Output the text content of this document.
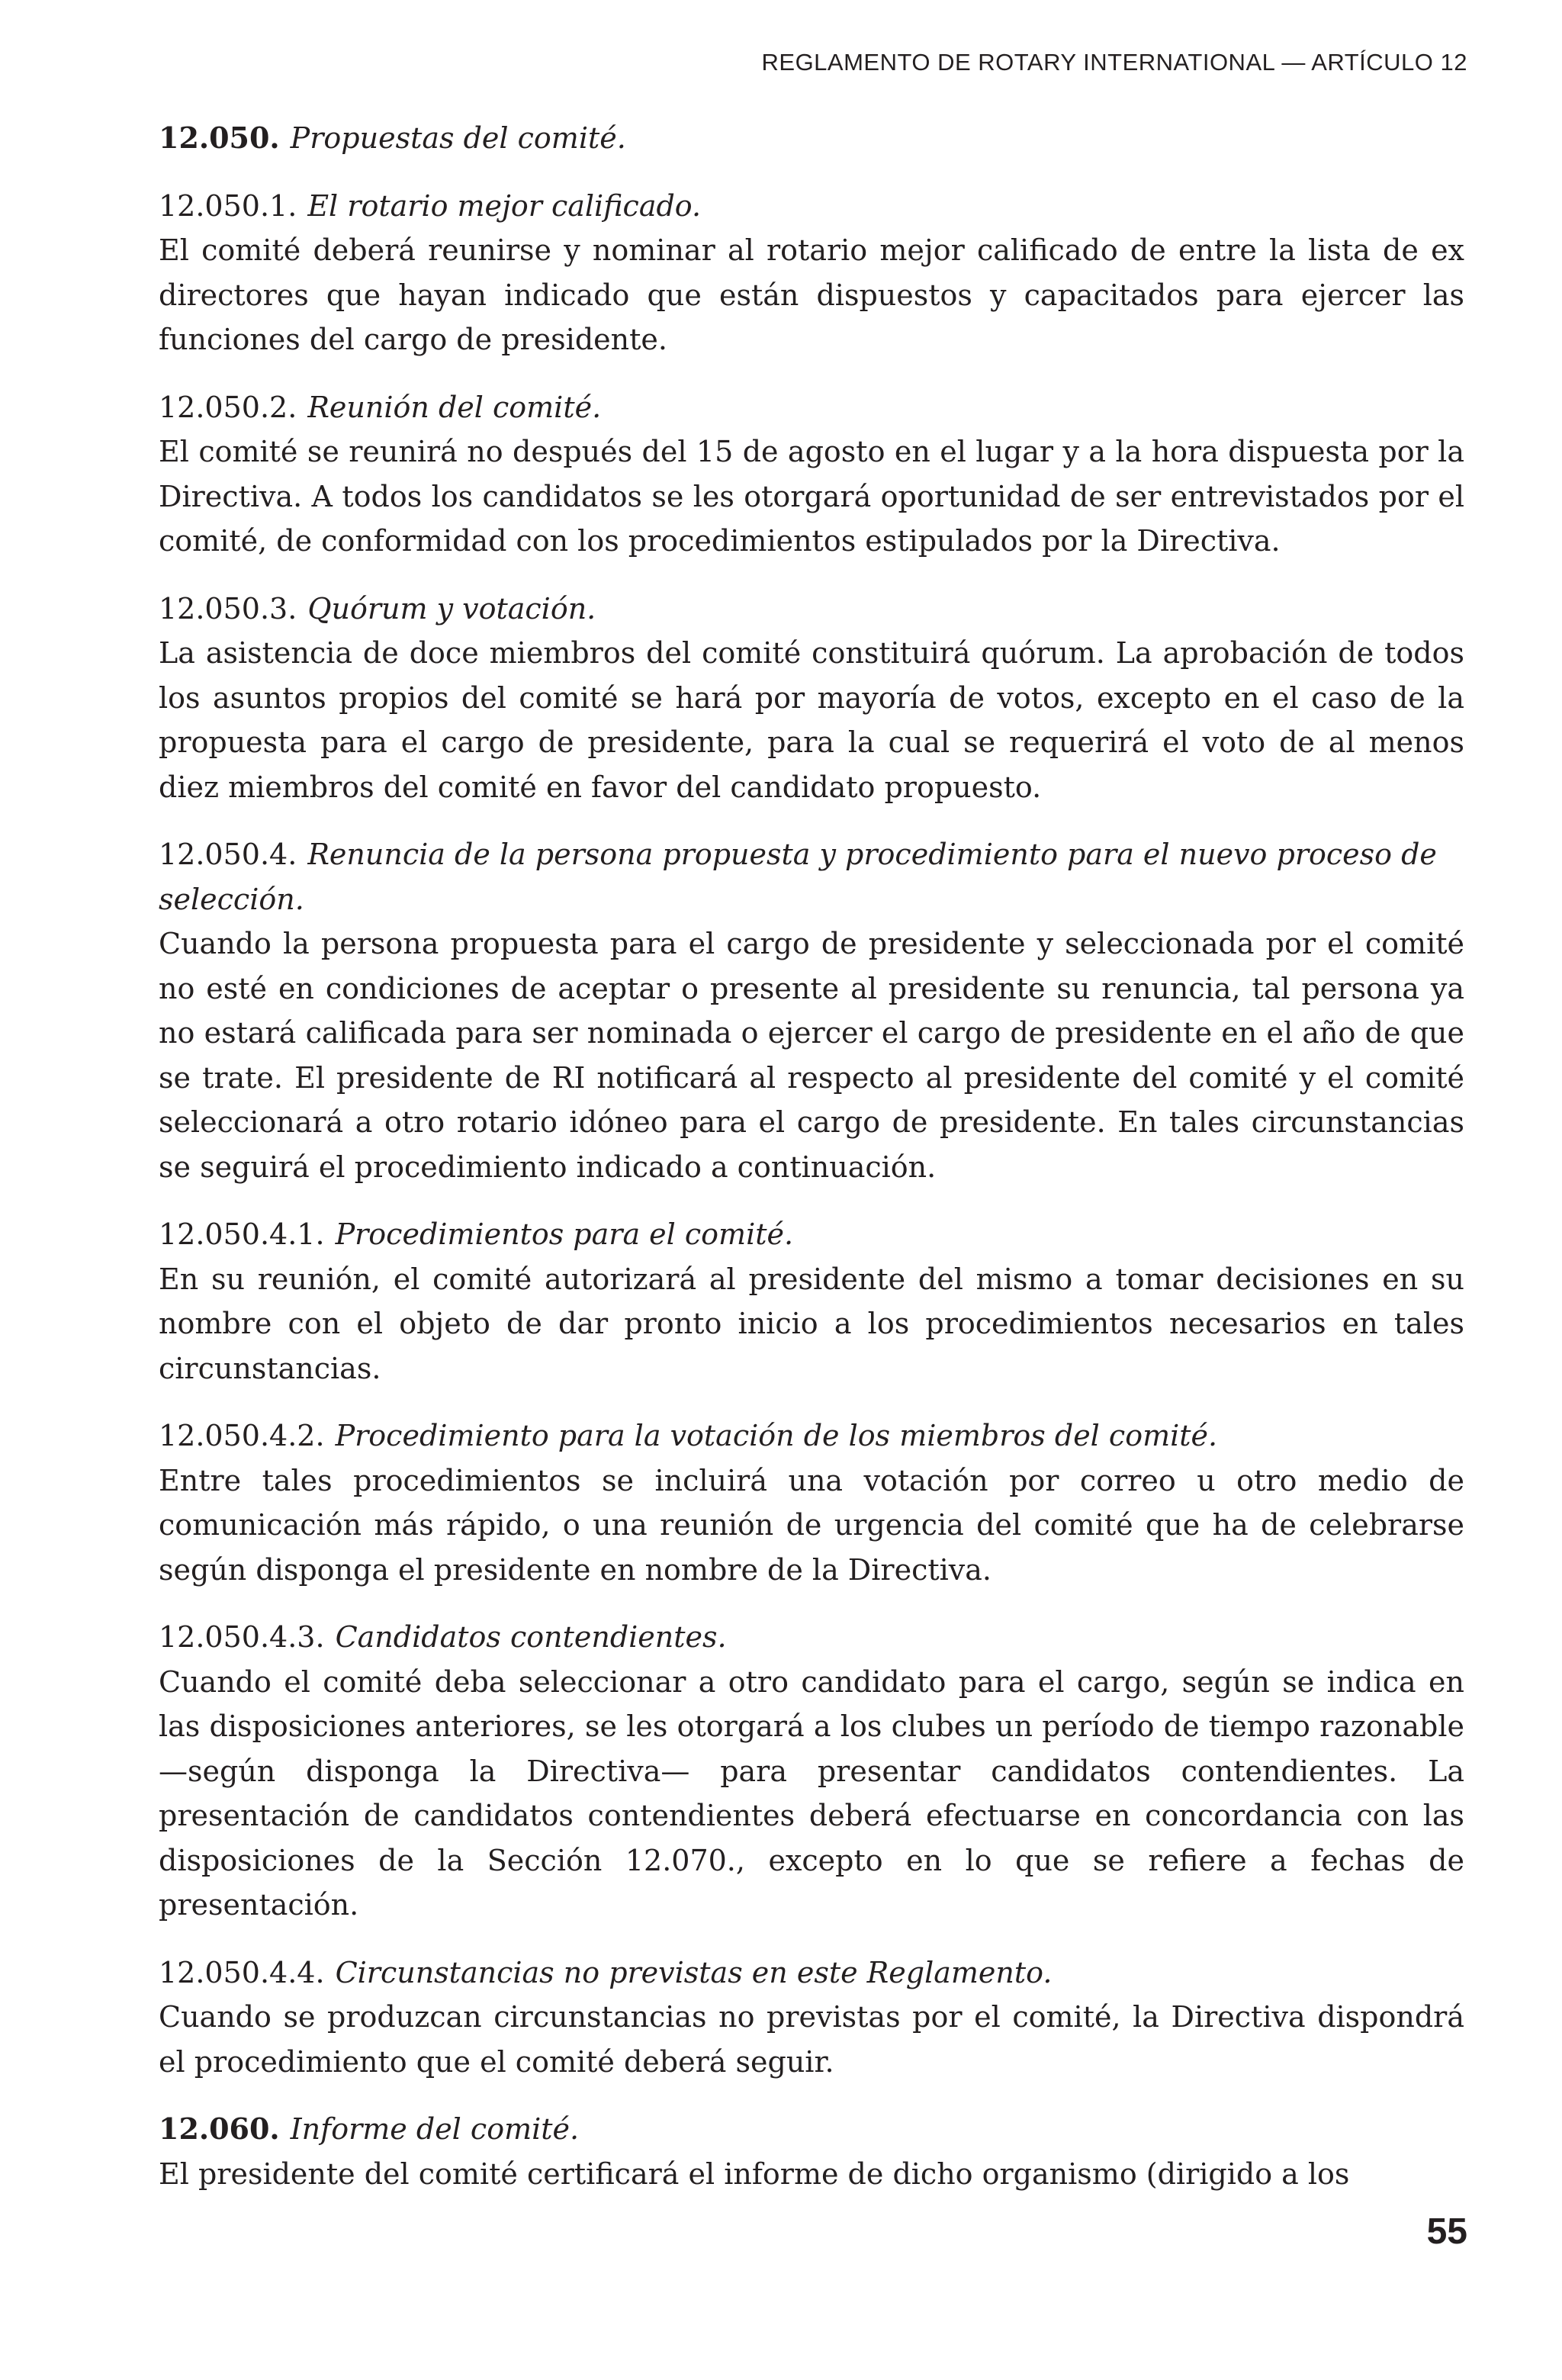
REGLAMENTO DE ROTARY INTERNATIONAL — ARTÍCULO 12

12.050. Propuestas del comité.

12.050.1. El rotario mejor calificado.

El comité deberá reunirse y nominar al rotario mejor calificado de entre la lista de ex directores que hayan indicado que están dispuestos y capacitados para ejercer las funciones del cargo de presidente.

12.050.2. Reunión del comité.

El comité se reunirá no después del 15 de agosto en el lugar y a la hora dispuesta por la Directiva. A todos los candidatos se les otorgará oportunidad de ser entrevistados por el comité, de conformidad con los procedimientos estipulados por la Directiva.

12.050.3. Quórum y votación.

La asistencia de doce miembros del comité constituirá quórum. La aprobación de todos los asuntos propios del comité se hará por mayoría de votos, excepto en el caso de la propuesta para el cargo de presidente, para la cual se requerirá el voto de al menos diez miembros del comité en favor del candidato propuesto.

12.050.4. Renuncia de la persona propuesta y procedimiento para el nuevo proceso de selección.

Cuando la persona propuesta para el cargo de presidente y seleccionada por el comité no esté en condiciones de aceptar o presente al presidente su renuncia, tal persona ya no estará calificada para ser nominada o ejercer el cargo de presidente en el año de que se trate. El presidente de RI notificará al respecto al presidente del comité y el comité seleccionará a otro rotario idóneo para el cargo de presidente. En tales circunstancias se seguirá el procedimiento indicado a continuación.

12.050.4.1. Procedimientos para el comité.

En su reunión, el comité autorizará al presidente del mismo a tomar decisiones en su nombre con el objeto de dar pronto inicio a los procedimientos necesarios en tales circunstancias.

12.050.4.2. Procedimiento para la votación de los miembros del comité.

Entre tales procedimientos se incluirá una votación por correo u otro medio de comunicación más rápido, o una reunión de urgencia del comité que ha de celebrarse según disponga el presidente en nombre de la Directiva.

12.050.4.3. Candidatos contendientes.

Cuando el comité deba seleccionar a otro candidato para el cargo, según se indica en las disposiciones anteriores, se les otorgará a los clubes un período de tiempo razonable —según disponga la Directiva— para presentar candidatos contendientes. La presentación de candidatos contendientes deberá efectuarse en concordancia con las disposiciones de la Sección 12.070., excepto en lo que se refiere a fechas de presentación.

12.050.4.4. Circunstancias no previstas en este Reglamento.

Cuando se produzcan circunstancias no previstas por el comité, la Directiva dispondrá el procedimiento que el comité deberá seguir.

12.060. Informe del comité.

El presidente del comité certificará el informe de dicho organismo (dirigido a los

55
